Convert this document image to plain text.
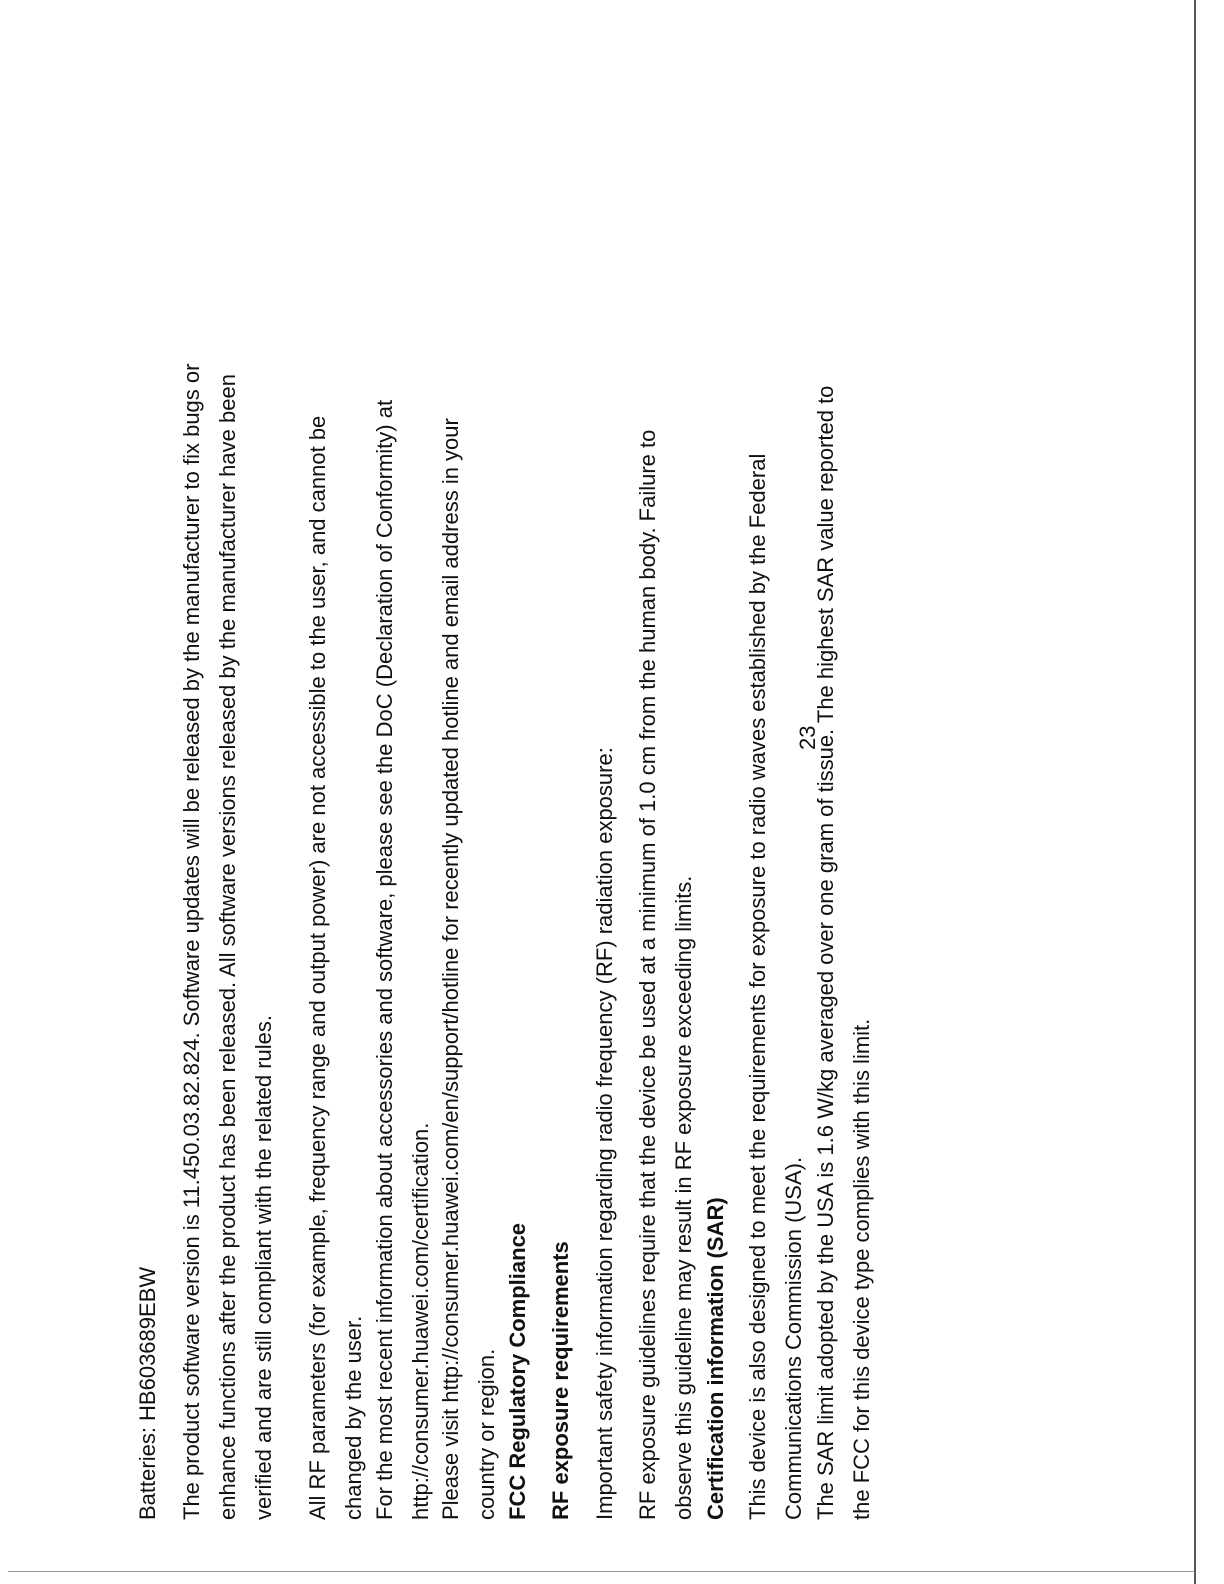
Batteries: HB603689EBW The product software version is 11.450.03.82.824. Software updates will be released by the manufacturer to fix bugs or enhance functions after the product has been released. All software versions released by the manufacturer have been verified and are still compliant with the related rules. All RF parameters (for example, frequency range and output power) are not accessible to the user, and cannot be changed by the user. For the most recent information about accessories and software, please see the DoC (Declaration of Conformity) at http://consumer.huawei.com/certification. Please visit http://consumer.huawei.com/en/support/hotline for recently updated hotline and email address in your country or region. FCC Regulatory Compliance RF exposure requirements Important safety information regarding radio frequency (RF) radiation exposure: RF exposure guidelines require that the device be used at a minimum of 1.0 cm from the human body. Failure to observe this guideline may result in RF exposure exceeding limits. Certification information (SAR) This device is also designed to meet the requirements for exposure to radio waves established by the Federal Communications Commission (USA). The SAR limit adopted by the USA is 1.6 W/kg averaged over one gram of tissue. The highest SAR value reported to the FCC for this device type complies with this limit.

23
